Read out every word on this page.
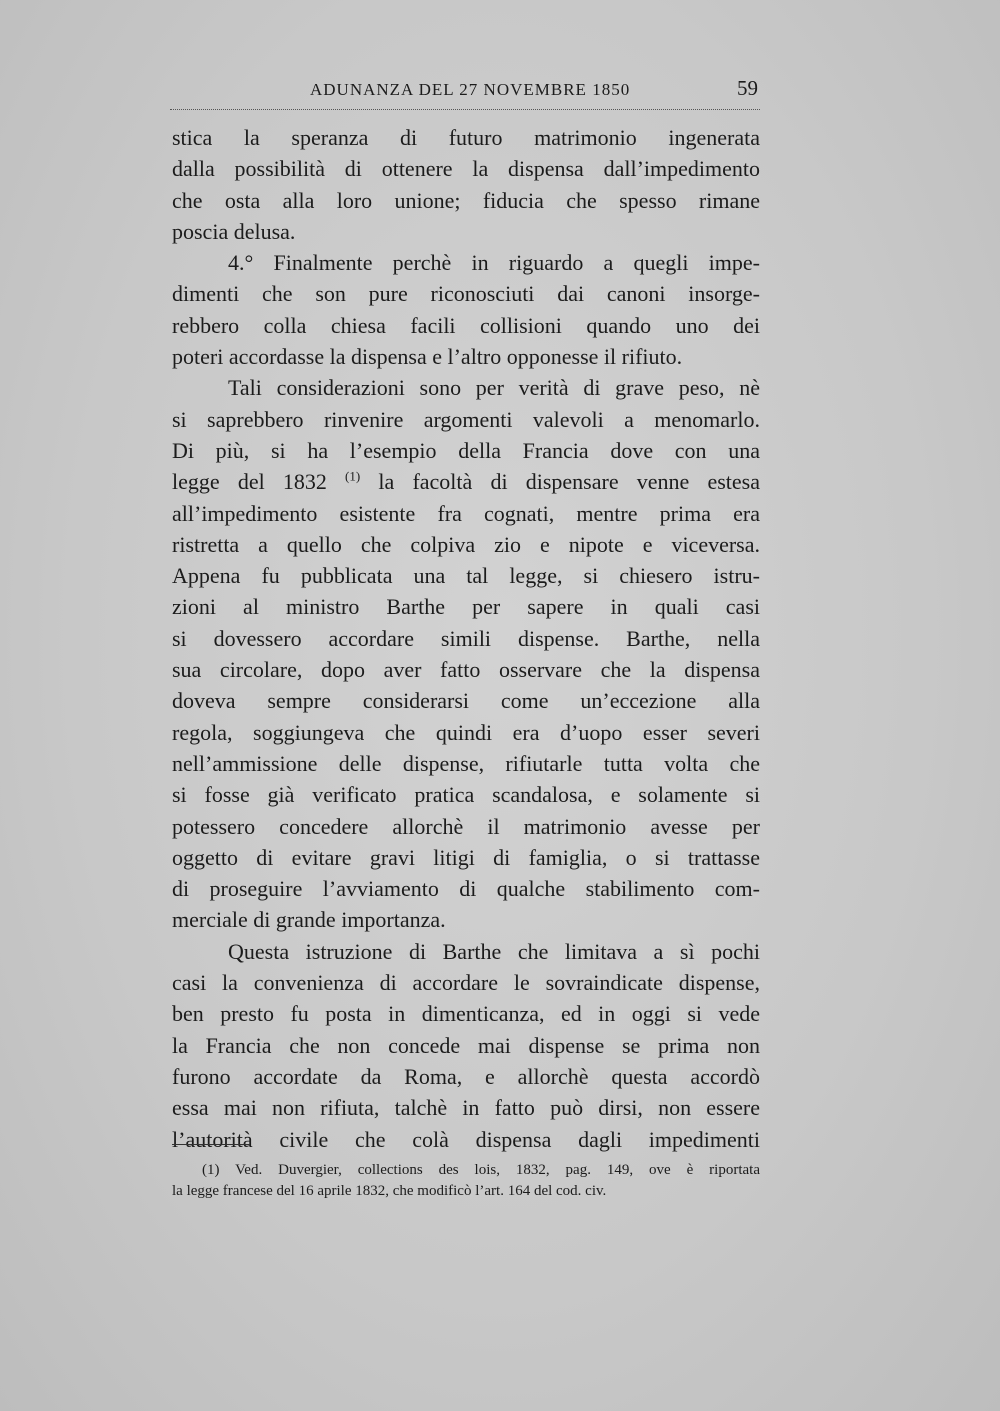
ADUNANZA DEL 27 NOVEMBRE 1850	59
stica la speranza di futuro matrimonio ingenerata
dalla possibilità di ottenere la dispensa dall’impedimento
che osta alla loro unione; fiducia che spesso rimane
poscia delusa.
4.° Finalmente perchè in riguardo a quegli impe-
dimenti che son pure riconosciuti dai canoni insorge-
rebbero colla chiesa facili collisioni quando uno dei
poteri accordasse la dispensa e l’altro opponesse il rifiuto.
Tali considerazioni sono per verità di grave peso, nè
si saprebbero rinvenire argomenti valevoli a menomarlo.
Di più, si ha l’esempio della Francia dove con una
legge del 1832 $^{(1)}$ la facoltà di dispensare venne estesa
all’impedimento esistente fra cognati, mentre prima era
ristretta a quello che colpiva zio e nipote e viceversa.
Appena fu pubblicata una tal legge, si chiesero istru-
zioni al ministro Barthe per sapere in quali casi
si dovessero accordare simili dispense. Barthe, nella
sua circolare, dopo aver fatto osservare che la dispensa
doveva sempre considerarsi come un’eccezione alla
regola, soggiungeva che quindi era d’uopo esser severi
nell’ammissione delle dispense, rifiutarle tutta volta che
si fosse già verificato pratica scandalosa, e solamente si
potessero concedere allorchè il matrimonio avesse per
oggetto di evitare gravi litigi di famiglia, o si trattasse
di proseguire l’avviamento di qualche stabilimento com-
merciale di grande importanza.
Questa istruzione di Barthe che limitava a sì pochi
casi la convenienza di accordare le sovraindicate dispense,
ben presto fu posta in dimenticanza, ed in oggi si vede
la Francia che non concede mai dispense se prima non
furono accordate da Roma, e allorchè questa accordò
essa mai non rifiuta, talchè in fatto può dirsi, non essere
l’autorità civile che colà dispensa dagli impedimenti
(1) Ved. Duvergier, collections des lois, 1832, pag. 149, ove è riportata
la legge francese del 16 aprile 1832, che modificò l’art. 164 del cod. civ.
